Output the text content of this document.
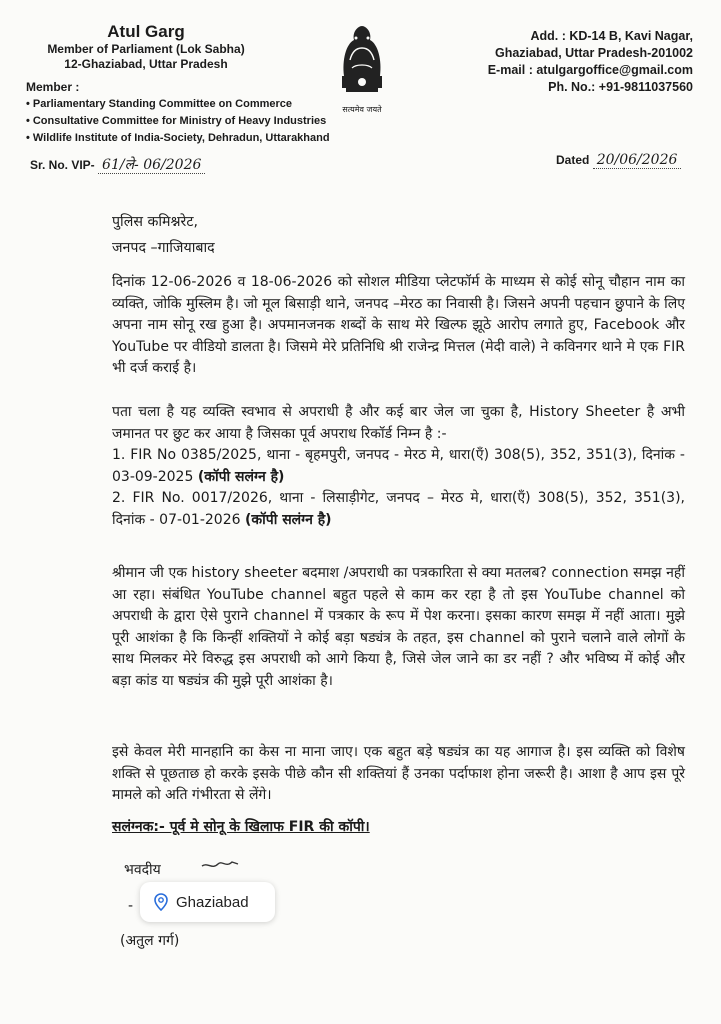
Atul Garg
Member of Parliament (Lok Sabha)
12-Ghaziabad, Uttar Pradesh
Member :
• Parliamentary Standing Committee on Commerce
• Consultative Committee for Ministry of Heavy Industries
• Wildlife Institute of India-Society, Dehradun, Uttarakhand
सत्यमेव जयते
Add. : KD-14 B, Kavi Nagar,
Ghaziabad, Uttar Pradesh-201002
E-mail : atulgargoffice@gmail.com
Ph. No.: +91-9811037560
Sr. No. VIP- 61/ले- 06/2026	Dated 20/06/2026
पुलिस कमिश्नरेट,
जनपद –गाजियाबाद
दिनांक 12-06-2026 व 18-06-2026 को सोशल मीडिया प्लेटफॉर्म के माध्यम से कोई सोनू चौहान नाम का व्यक्ति, जोकि मुस्लिम है। जो मूल बिसाड़ी थाने, जनपद –मेरठ का निवासी है। जिसने अपनी पहचान छुपाने के लिए अपना नाम सोनू रख हुआ है। अपमानजनक शब्दों के साथ मेरे खिल्फ झूठे आरोप लगाते हुए, Facebook और YouTube पर वीडियो डालता है। जिसमे मेरे प्रतिनिधि श्री राजेन्द्र मित्तल (मेदी वाले) ने कविनगर थाने मे एक FIR भी दर्ज कराई है।
पता चला है यह व्यक्ति स्वभाव से अपराधी है और कई बार जेल जा चुका है, History Sheeter है अभी जमानत पर छुट कर आया है जिसका पूर्व अपराध रिकॉर्ड निम्न है :-
1. FIR No 0385/2025, थाना - बृहमपुरी, जनपद - मेरठ मे, धारा(एँ) 308(5), 352, 351(3), दिनांक - 03-09-2025 (कॉपी सलंग्न है)
2. FIR No. 0017/2026, थाना - लिसाड़ीगेट, जनपद – मेरठ मे, धारा(एँ) 308(5), 352, 351(3), दिनांक - 07-01-2026 (कॉपी सलंग्न है)
श्रीमान जी एक history sheeter बदमाश /अपराधी का पत्रकारिता से क्या मतलब? connection समझ नहीं आ रहा। संबंधित YouTube channel बहुत पहले से काम कर रहा है तो इस YouTube channel को अपराधी के द्वारा ऐसे पुराने channel में पत्रकार के रूप में पेश करना। इसका कारण समझ में नहीं आता। मुझे पूरी आशंका है कि किन्हीं शक्तियों ने कोई बड़ा षड्यंत्र के तहत, इस channel को पुराने चलाने वाले लोगों के साथ मिलकर मेरे विरुद्ध इस अपराधी को आगे किया है, जिसे जेल जाने का डर नहीं ? और भविष्य में कोई और बड़ा कांड या षड्यंत्र की मुझे पूरी आशंका है।
इसे केवल मेरी मानहानि का केस ना माना जाए। एक बहुत बड़े षड्यंत्र का यह आगाज है। इस व्यक्ति को विशेष शक्ति से पूछताछ हो करके इसके पीछे कौन सी शक्तियां हैं उनका पर्दाफाश होना जरूरी है। आशा है आप इस पूरे मामले को अति गंभीरता से लेंगे।
सलंग्नक:- पूर्व मे सोनू के खिलाफ FIR की कॉपी।
भवदीय
-
(अतुल गर्ग)
Ghaziabad
